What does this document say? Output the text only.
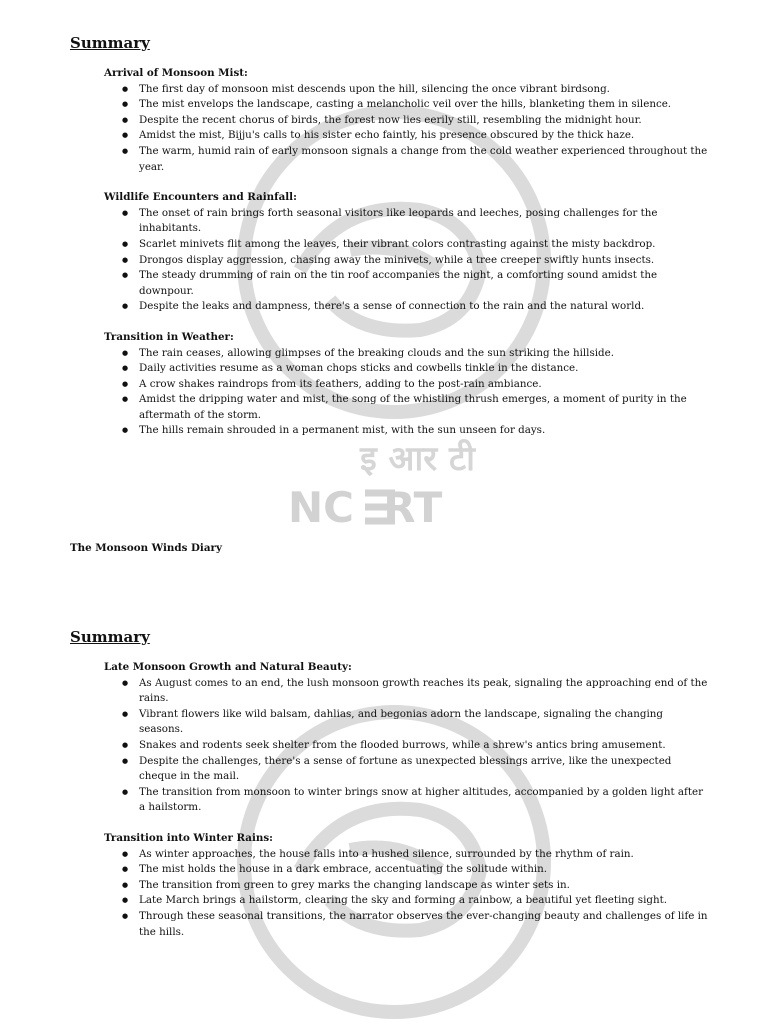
इ आर टी
NC  RT
Summary

Arrival of Monsoon Mist:

● The first day of monsoon mist descends upon the hill, silencing the once vibrant birdsong.
● The mist envelops the landscape, casting a melancholic veil over the hills, blanketing them in silence.
● Despite the recent chorus of birds, the forest now lies eerily still, resembling the midnight hour.
● Amidst the mist, Bijju's calls to his sister echo faintly, his presence obscured by the thick haze.
● The warm, humid rain of early monsoon signals a change from the cold weather experienced throughout the year.

Wildlife Encounters and Rainfall:

● The onset of rain brings forth seasonal visitors like leopards and leeches, posing challenges for the inhabitants.
● Scarlet minivets flit among the leaves, their vibrant colors contrasting against the misty backdrop.
● Drongos display aggression, chasing away the minivets, while a tree creeper swiftly hunts insects.
● The steady drumming of rain on the tin roof accompanies the night, a comforting sound amidst the downpour.
● Despite the leaks and dampness, there's a sense of connection to the rain and the natural world.

Transition in Weather:

● The rain ceases, allowing glimpses of the breaking clouds and the sun striking the hillside.
● Daily activities resume as a woman chops sticks and cowbells tinkle in the distance.
● A crow shakes raindrops from its feathers, adding to the post-rain ambiance.
● Amidst the dripping water and mist, the song of the whistling thrush emerges, a moment of purity in the aftermath of the storm.
● The hills remain shrouded in a permanent mist, with the sun unseen for days.

The Monsoon Winds Diary

Summary

Late Monsoon Growth and Natural Beauty:

● As August comes to an end, the lush monsoon growth reaches its peak, signaling the approaching end of the rains.
● Vibrant flowers like wild balsam, dahlias, and begonias adorn the landscape, signaling the changing seasons.
● Snakes and rodents seek shelter from the flooded burrows, while a shrew's antics bring amusement.
● Despite the challenges, there's a sense of fortune as unexpected blessings arrive, like the unexpected cheque in the mail.
● The transition from monsoon to winter brings snow at higher altitudes, accompanied by a golden light after a hailstorm.

Transition into Winter Rains:

● As winter approaches, the house falls into a hushed silence, surrounded by the rhythm of rain.
● The mist holds the house in a dark embrace, accentuating the solitude within.
● The transition from green to grey marks the changing landscape as winter sets in.
● Late March brings a hailstorm, clearing the sky and forming a rainbow, a beautiful yet fleeting sight.
● Through these seasonal transitions, the narrator observes the ever-changing beauty and challenges of life in the hills.
